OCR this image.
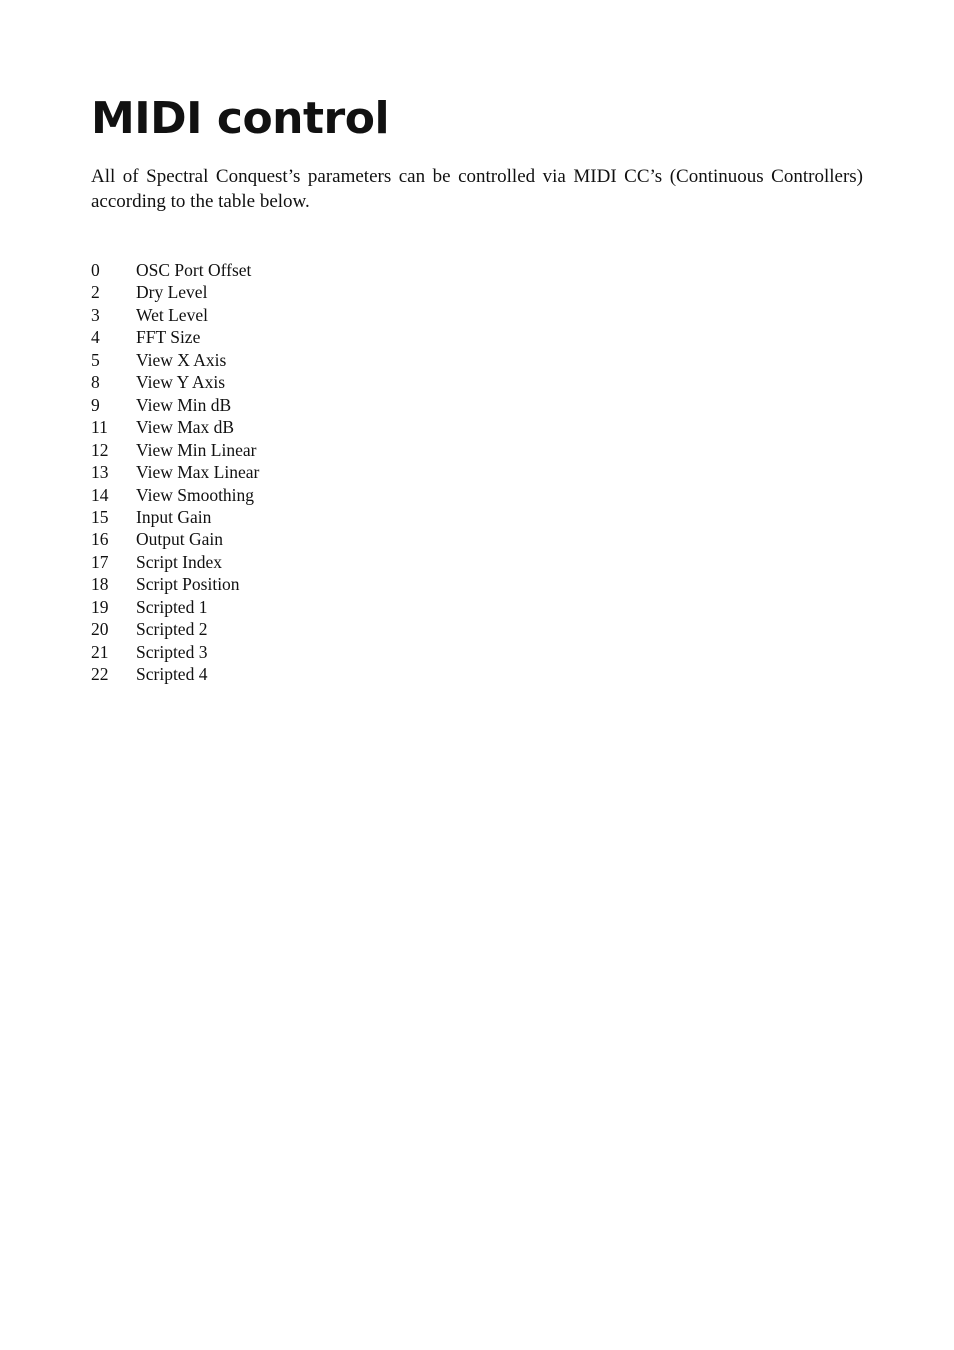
MIDI control

All of Spectral Conquest’s parameters can be controlled via MIDI CC’s (Continuous Controllers) according to the table below.

0	OSC Port Offset
2	Dry Level
3	Wet Level
4	FFT Size
5	View X Axis
8	View Y Axis
9	View Min dB
11	View Max dB
12	View Min Linear
13	View Max Linear
14	View Smoothing
15	Input Gain
16	Output Gain
17	Script Index
18	Script Position
19	Scripted 1
20	Scripted 2
21	Scripted 3
22	Scripted 4
